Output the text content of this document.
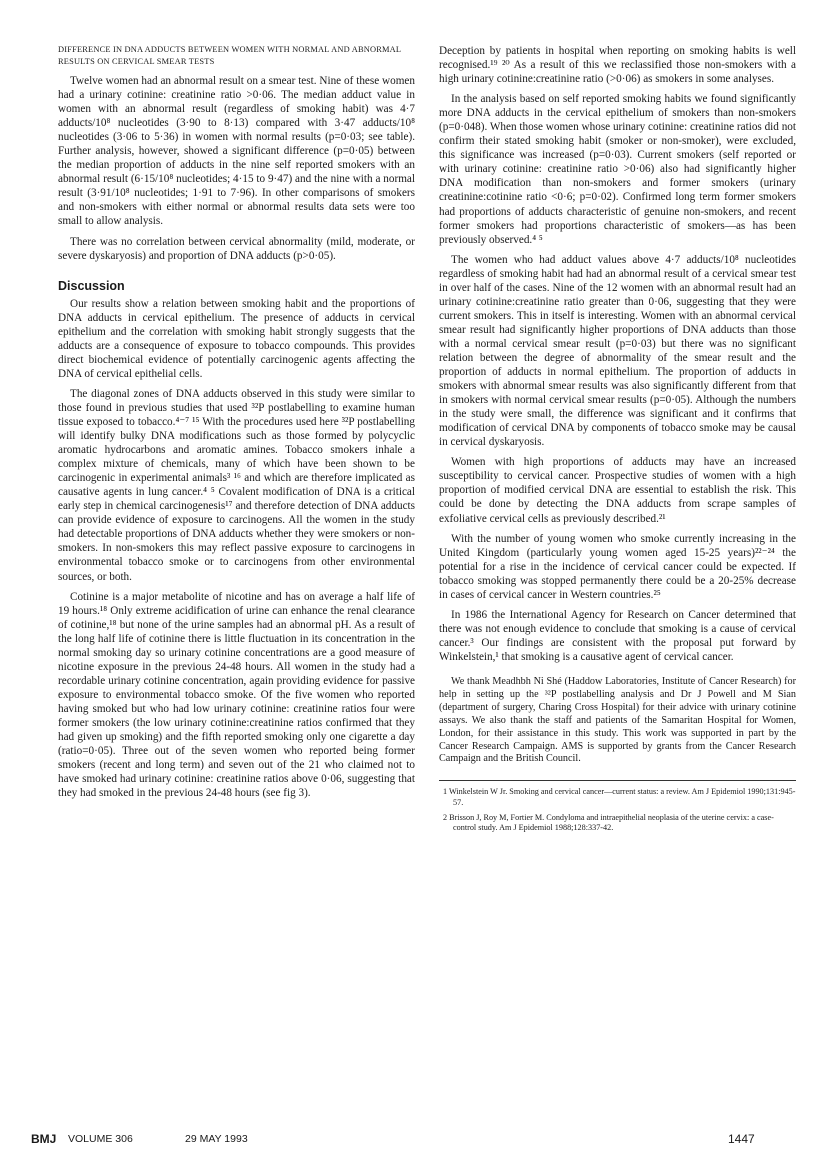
DIFFERENCE IN DNA ADDUCTS BETWEEN WOMEN WITH NORMAL AND ABNORMAL RESULTS ON CERVICAL SMEAR TESTS

Twelve women had an abnormal result on a smear test. Nine of these women had a urinary cotinine: creatinine ratio >0·06. The median adduct value in women with an abnormal result (regardless of smoking habit) was 4·7 adducts/10⁸ nucleotides (3·90 to 8·13) compared with 3·47 adducts/10⁸ nucleotides (3·06 to 5·36) in women with normal results (p=0·03; see table). Further analysis, however, showed a significant difference (p=0·05) between the median proportion of adducts in the nine self reported smokers with an abnormal result (6·15/10⁸ nucleotides; 4·15 to 9·47) and the nine with a normal result (3·91/10⁸ nucleotides; 1·91 to 7·96). In other comparisons of smokers and non-smokers with either normal or abnormal results data sets were too small to allow analysis.

There was no correlation between cervical abnormality (mild, moderate, or severe dyskaryosis) and proportion of DNA adducts (p>0·05).

Discussion

Our results show a relation between smoking habit and the proportions of DNA adducts in cervical epithelium. The presence of adducts in cervical epithelium and the correlation with smoking habit strongly suggests that the adducts are a consequence of exposure to tobacco compounds. This provides direct biochemical evidence of potentially carcinogenic agents affecting the DNA of cervical epithelial cells.

The diagonal zones of DNA adducts observed in this study were similar to those found in previous studies that used ³²P postlabelling to examine human tissue exposed to tobacco.⁴⁻⁷ ¹⁵ With the procedures used here ³²P postlabelling will identify bulky DNA modifications such as those formed by polycyclic aromatic hydrocarbons and aromatic amines. Tobacco smokers inhale a complex mixture of chemicals, many of which have been shown to be carcinogenic in experimental animals³ ¹⁶ and which are therefore implicated as causative agents in lung cancer.⁴ ⁵ Covalent modification of DNA is a critical early step in chemical carcinogenesis¹⁷ and therefore detection of DNA adducts can provide evidence of exposure to carcinogens. All the women in the study had detectable proportions of DNA adducts whether they were smokers or non-smokers. In non-smokers this may reflect passive exposure to carcinogens in environmental tobacco smoke or to carcinogens from other environmental sources, or both.

Cotinine is a major metabolite of nicotine and has on average a half life of 19 hours.¹⁸ Only extreme acidification of urine can enhance the renal clearance of cotinine,¹⁸ but none of the urine samples had an abnormal pH. As a result of the long half life of cotinine there is little fluctuation in its concentration in the normal smoking day so urinary cotinine concentrations are a good measure of nicotine exposure in the previous 24-48 hours. All women in the study had a recordable urinary cotinine concentration, again providing evidence for passive exposure to environmental tobacco smoke. Of the five women who reported having smoked but who had low urinary cotinine: creatinine ratios four were former smokers (the low urinary cotinine:creatinine ratios confirmed that they had given up smoking) and the fifth reported smoking only one cigarette a day (ratio=0·05). Three out of the seven women who reported being former smokers (recent and long term) and seven out of the 21 who claimed not to have smoked had urinary cotinine: creatinine ratios above 0·06, suggesting that they had smoked in the previous 24-48 hours (see fig 3).

Deception by patients in hospital when reporting on smoking habits is well recognised.¹⁹ ²⁰ As a result of this we reclassified those non-smokers with a high urinary cotinine:creatinine ratio (>0·06) as smokers in some analyses.

In the analysis based on self reported smoking habits we found significantly more DNA adducts in the cervical epithelium of smokers than non-smokers (p=0·048). When those women whose urinary cotinine: creatinine ratios did not confirm their stated smoking habit (smoker or non-smoker), were excluded, this significance was increased (p=0·03). Current smokers (self reported or with urinary cotinine: creatinine ratio >0·06) also had significantly higher DNA modification than non-smokers and former smokers (urinary creatinine:cotinine ratio <0·6; p=0·02). Confirmed long term former smokers had proportions of adducts characteristic of genuine non-smokers, and recent former smokers had proportions characteristic of smokers—as has been previously observed.⁴ ⁵

The women who had adduct values above 4·7 adducts/10⁸ nucleotides regardless of smoking habit had had an abnormal result of a cervical smear test in over half of the cases. Nine of the 12 women with an abnormal result had an urinary cotinine:creatinine ratio greater than 0·06, suggesting that they were current smokers. This in itself is interesting. Women with an abnormal cervical smear result had significantly higher proportions of DNA adducts than those with a normal cervical smear result (p=0·03) but there was no significant relation between the degree of abnormality of the smear result and the proportion of adducts in normal epithelium. The proportion of adducts in smokers with abnormal smear results was also significantly different from that in smokers with normal cervical smear results (p=0·05). Although the numbers in the study were small, the difference was significant and it confirms that modification of cervical DNA by components of tobacco smoke may be causal in cervical dyskaryosis.

Women with high proportions of adducts may have an increased susceptibility to cervical cancer. Prospective studies of women with a high proportion of modified cervical DNA are essential to establish the risk. This could be done by detecting the DNA adducts from scrape samples of exfoliative cervical cells as previously described.²¹

With the number of young women who smoke currently increasing in the United Kingdom (particularly young women aged 15-25 years)²²⁻²⁴ the potential for a rise in the incidence of cervical cancer could be expected. If tobacco smoking was stopped permanently there could be a 20-25% decrease in cases of cervical cancer in Western countries.²⁵

In 1986 the International Agency for Research on Cancer determined that there was not enough evidence to conclude that smoking is a cause of cervical cancer.³ Our findings are consistent with the proposal put forward by Winkelstein,¹ that smoking is a causative agent of cervical cancer.

We thank Meadhbh Ni Shé (Haddow Laboratories, Institute of Cancer Research) for help in setting up the ³²P postlabelling analysis and Dr J Powell and M Sian (department of surgery, Charing Cross Hospital) for their advice with urinary cotinine assays. We also thank the staff and patients of the Samaritan Hospital for Women, London, for their assistance in this study. This work was supported in part by the Cancer Research Campaign. AMS is supported by grants from the Cancer Research Campaign and the British Council.

1 Winkelstein W Jr. Smoking and cervical cancer—current status: a review. Am J Epidemiol 1990;131:945-57.

2 Brisson J, Roy M, Fortier M. Condyloma and intraepithelial neoplasia of the uterine cervix: a case-control study. Am J Epidemiol 1988;128:337-42.

BMJ VOLUME 306	29 MAY 1993	1447
